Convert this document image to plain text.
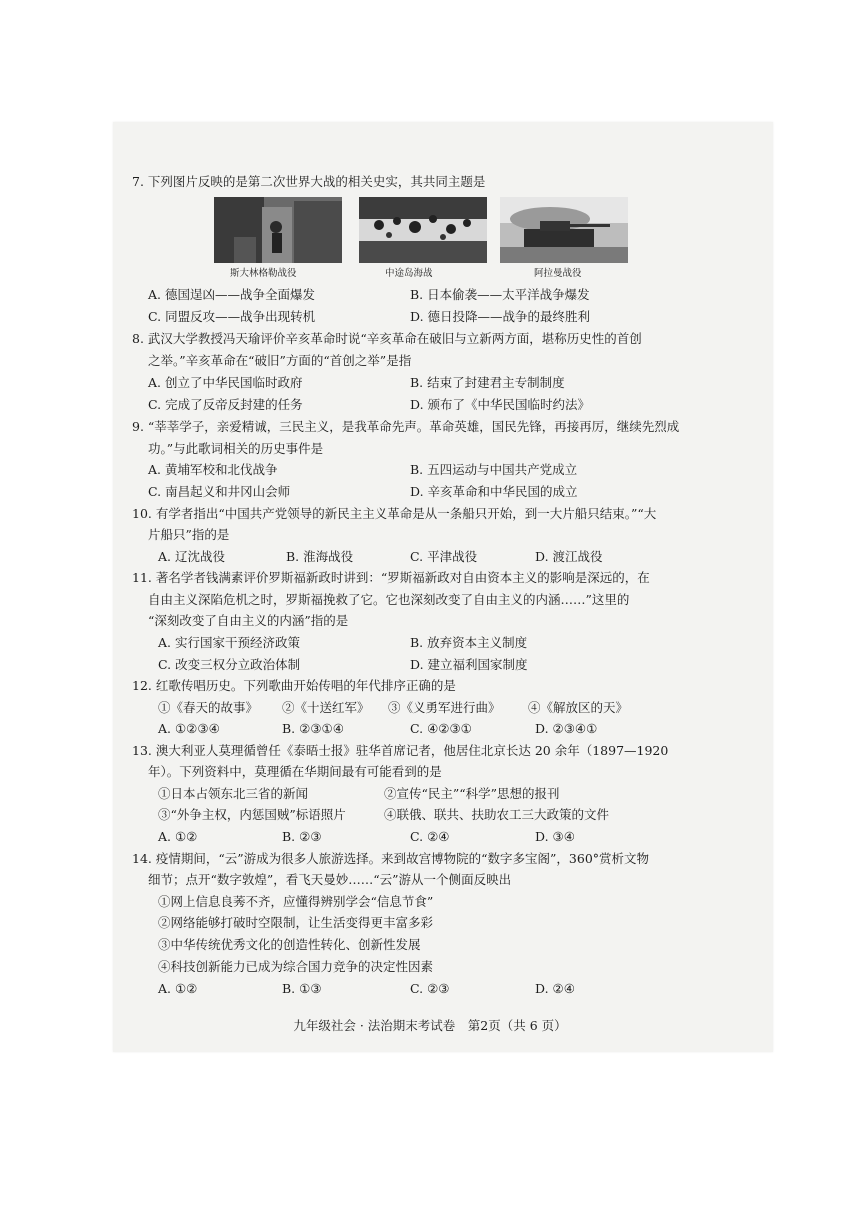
7. 下列图片反映的是第二次世界大战的相关史实，其共同主题是
斯大林格勒战役	中途岛海战	阿拉曼战役
A. 德国逞凶——战争全面爆发	B. 日本偷袭——太平洋战争爆发
C. 同盟反攻——战争出现转机	D. 德日投降——战争的最终胜利
8. 武汉大学教授冯天瑜评价辛亥革命时说“辛亥革命在破旧与立新两方面，堪称历史性的首创
之举。”辛亥革命在“破旧”方面的“首创之举”是指
A. 创立了中华民国临时政府	B. 结束了封建君主专制制度
C. 完成了反帝反封建的任务	D. 颁布了《中华民国临时约法》
9. “莘莘学子，亲爱精诚，三民主义，是我革命先声。革命英雄，国民先锋，再接再厉，继续先烈成
功。”与此歌词相关的历史事件是
A. 黄埔军校和北伐战争	B. 五四运动与中国共产党成立
C. 南昌起义和井冈山会师	D. 辛亥革命和中华民国的成立
10. 有学者指出“中国共产党领导的新民主主义革命是从一条船只开始，到一大片船只结束。”“大
片船只”指的是
A. 辽沈战役	B. 淮海战役	C. 平津战役	D. 渡江战役
11. 著名学者钱满素评价罗斯福新政时讲到：“罗斯福新政对自由资本主义的影响是深远的，在
自由主义深陷危机之时，罗斯福挽救了它。它也深刻改变了自由主义的内涵……”这里的
“深刻改变了自由主义的内涵”指的是
A. 实行国家干预经济政策	B. 放弃资本主义制度
C. 改变三权分立政治体制	D. 建立福利国家制度
12. 红歌传唱历史。下列歌曲开始传唱的年代排序正确的是
①《春天的故事》 ②《十送红军》 ③《义勇军进行曲》 ④《解放区的天》
A. ①②③④	B. ②③①④	C. ④②③①	D. ②③④①
13. 澳大利亚人莫理循曾任《泰晤士报》驻华首席记者，他居住北京长达 20 余年（1897—1920
年）。下列资料中，莫理循在华期间最有可能看到的是
①日本占领东北三省的新闻	②宣传“民主”“科学”思想的报刊
③“外争主权，内惩国贼”标语照片	④联俄、联共、扶助农工三大政策的文件
A. ①②	B. ②③	C. ②④	D. ③④
14. 疫情期间，“云”游成为很多人旅游选择。来到故宫博物院的“数字多宝阁”，360°赏析文物
细节；点开“数字敦煌”，看飞天曼妙……“云”游从一个侧面反映出
①网上信息良莠不齐，应懂得辨别学会“信息节食”
②网络能够打破时空限制，让生活变得更丰富多彩
③中华传统优秀文化的创造性转化、创新性发展
④科技创新能力已成为综合国力竞争的决定性因素
A. ①②	B. ①③	C. ②③	D. ②④
九年级社会 · 法治期末考试卷　第2页（共 6 页）
